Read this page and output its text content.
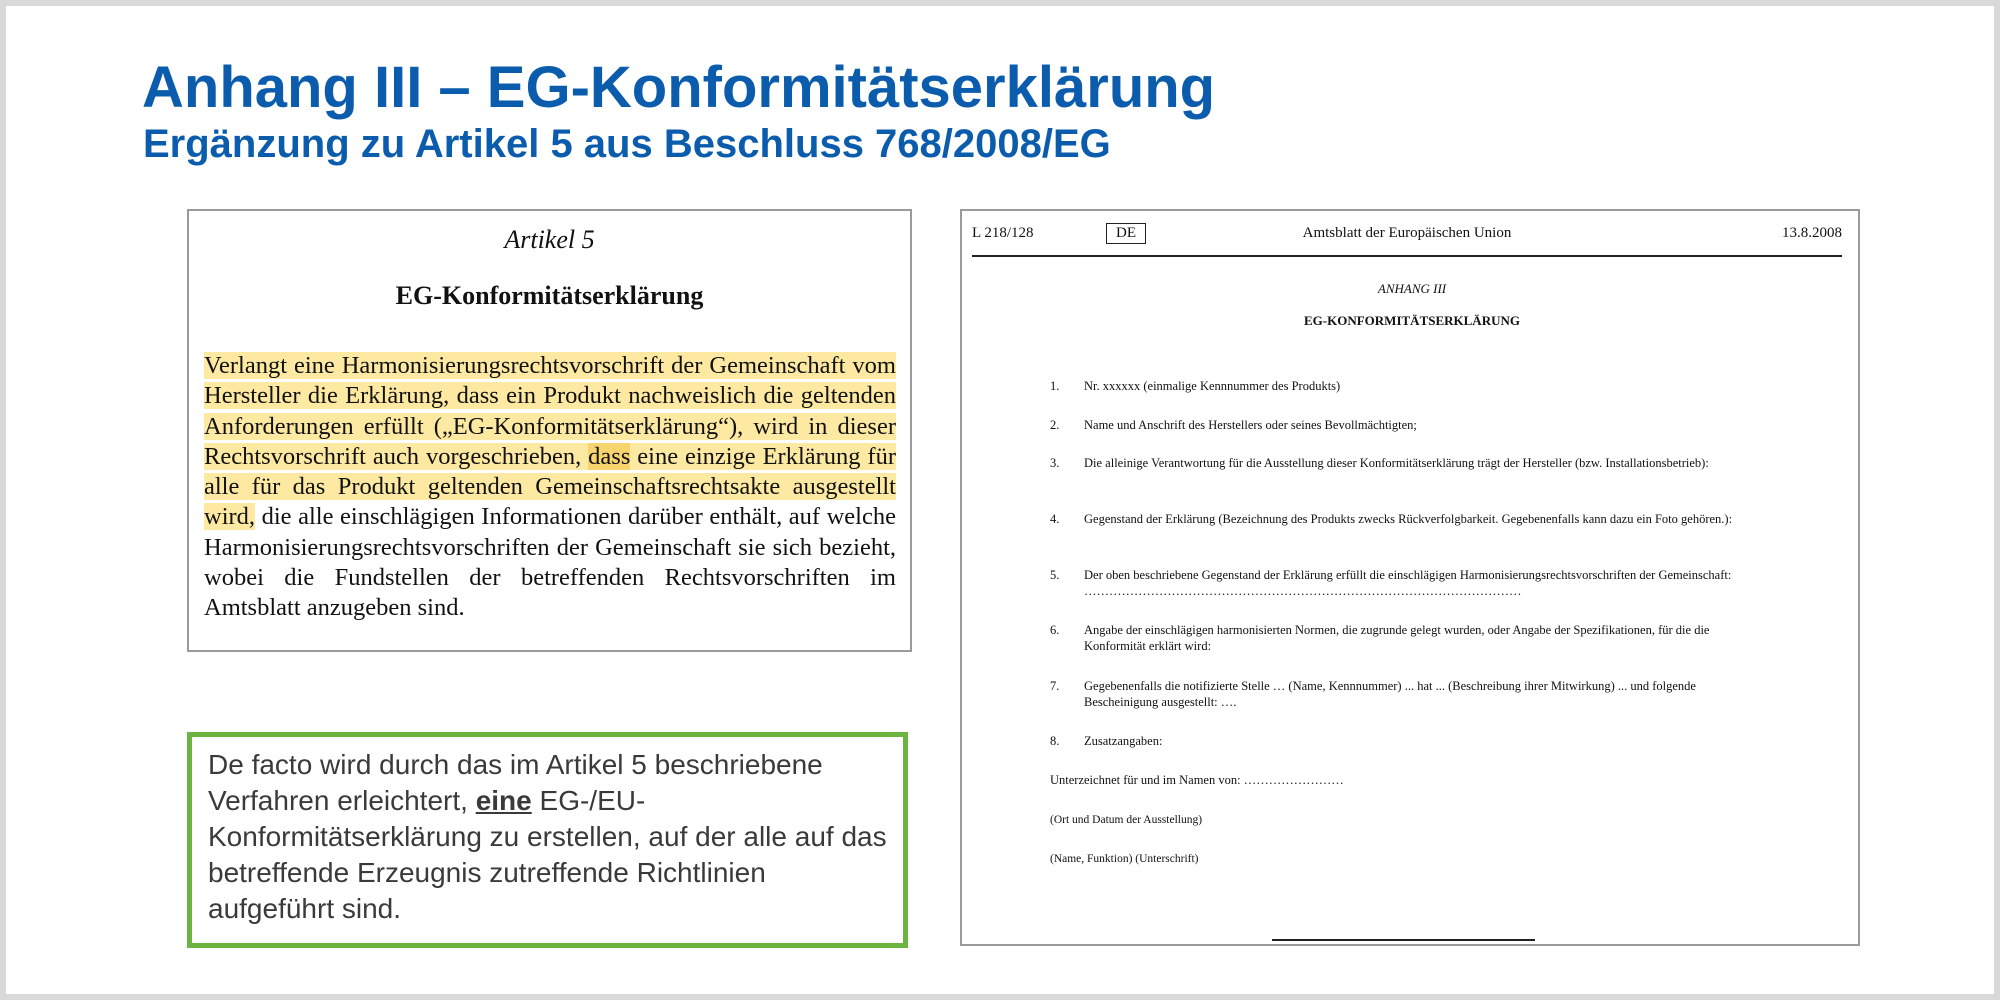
Anhang III – EG-Konformitätserklärung
Ergänzung zu Artikel 5 aus Beschluss 768/2008/EG
Artikel 5
EG-Konformitätserklärung
Verlangt eine Harmonisierungsrechtsvorschrift der Gemeinschaft vom Hersteller die Erklärung, dass ein Produkt nachweislich die geltenden Anforderungen erfüllt („EG-Konformitätserklärung“), wird in dieser Rechtsvorschrift auch vorgeschrieben, dass eine einzige Erklärung für alle für das Produkt geltenden Gemeinschaftsrechtsakte ausgestellt wird, die alle einschlägigen Informationen darüber enthält, auf welche Harmonisierungsrechtsvorschriften der Gemeinschaft sie sich bezieht, wobei die Fundstellen der betreffenden Rechtsvorschriften im Amtsblatt anzugeben sind.
De facto wird durch das im Artikel 5 beschriebene Verfahren erleichtert, eine EG-/EU-Konformitätserklärung zu erstellen, auf der alle auf das betreffende Erzeugnis zutreffende Richtlinien aufgeführt sind.
L 218/128	Amtsblatt der Europäischen Union
DE	13.8.2008
ANHANG III
EG-KONFORMITÄTSERKLÄRUNG
1. Nr. xxxxxx (einmalige Kennnummer des Produkts)
2. Name und Anschrift des Herstellers oder seines Bevollmächtigten;
3. Die alleinige Verantwortung für die Ausstellung dieser Konformitätserklärung trägt der Hersteller (bzw. Installationsbetrieb):
4. Gegenstand der Erklärung (Bezeichnung des Produkts zwecks Rückverfolgbarkeit. Gegebenenfalls kann dazu ein Foto gehören.):
5. Der oben beschriebene Gegenstand der Erklärung erfüllt die einschlägigen Harmonisierungsrechtsvorschriften der Gemeinschaft: ……………………………………………………………………………………………
6. Angabe der einschlägigen harmonisierten Normen, die zugrunde gelegt wurden, oder Angabe der Spezifikationen, für die die Konformität erklärt wird:
7. Gegebenenfalls die notifizierte Stelle … (Name, Kennnummer) ... hat ... (Beschreibung ihrer Mitwirkung) ... und folgende Bescheinigung ausgestellt: ….
8. Zusatzangaben:
Unterzeichnet für und im Namen von: ……………………
(Ort und Datum der Ausstellung)
(Name, Funktion) (Unterschrift)
